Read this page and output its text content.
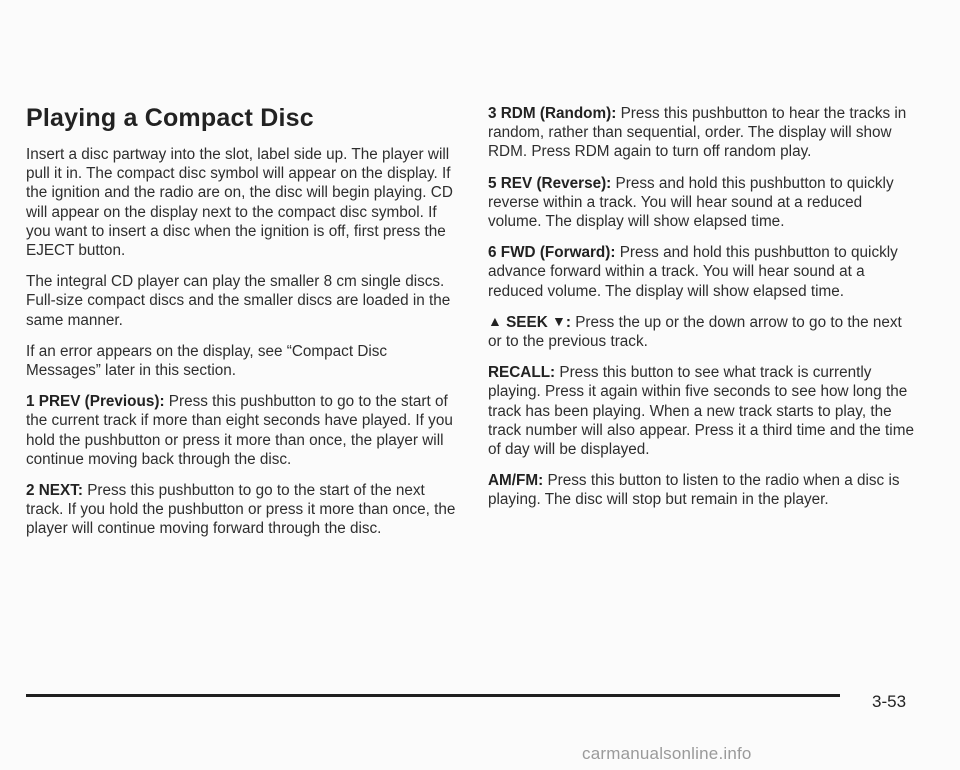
Playing a Compact Disc

Insert a disc partway into the slot, label side up. The player will pull it in. The compact disc symbol will appear on the display. If the ignition and the radio are on, the disc will begin playing. CD will appear on the display next to the compact disc symbol. If you want to insert a disc when the ignition is off, first press the EJECT button.

The integral CD player can play the smaller 8 cm single discs. Full-size compact discs and the smaller discs are loaded in the same manner.

If an error appears on the display, see “Compact Disc Messages” later in this section.

1 PREV (Previous): Press this pushbutton to go to the start of the current track if more than eight seconds have played. If you hold the pushbutton or press it more than once, the player will continue moving back through the disc.

2 NEXT: Press this pushbutton to go to the start of the next track. If you hold the pushbutton or press it more than once, the player will continue moving forward through the disc.

3 RDM (Random): Press this pushbutton to hear the tracks in random, rather than sequential, order. The display will show RDM. Press RDM again to turn off random play.

5 REV (Reverse): Press and hold this pushbutton to quickly reverse within a track. You will hear sound at a reduced volume. The display will show elapsed time.

6 FWD (Forward): Press and hold this pushbutton to quickly advance forward within a track. You will hear sound at a reduced volume. The display will show elapsed time.

▲ SEEK ▼: Press the up or the down arrow to go to the next or to the previous track.

RECALL: Press this button to see what track is currently playing. Press it again within five seconds to see how long the track has been playing. When a new track starts to play, the track number will also appear. Press it a third time and the time of day will be displayed.

AM/FM: Press this button to listen to the radio when a disc is playing. The disc will stop but remain in the player.

3-53
carmanualsonline.info
